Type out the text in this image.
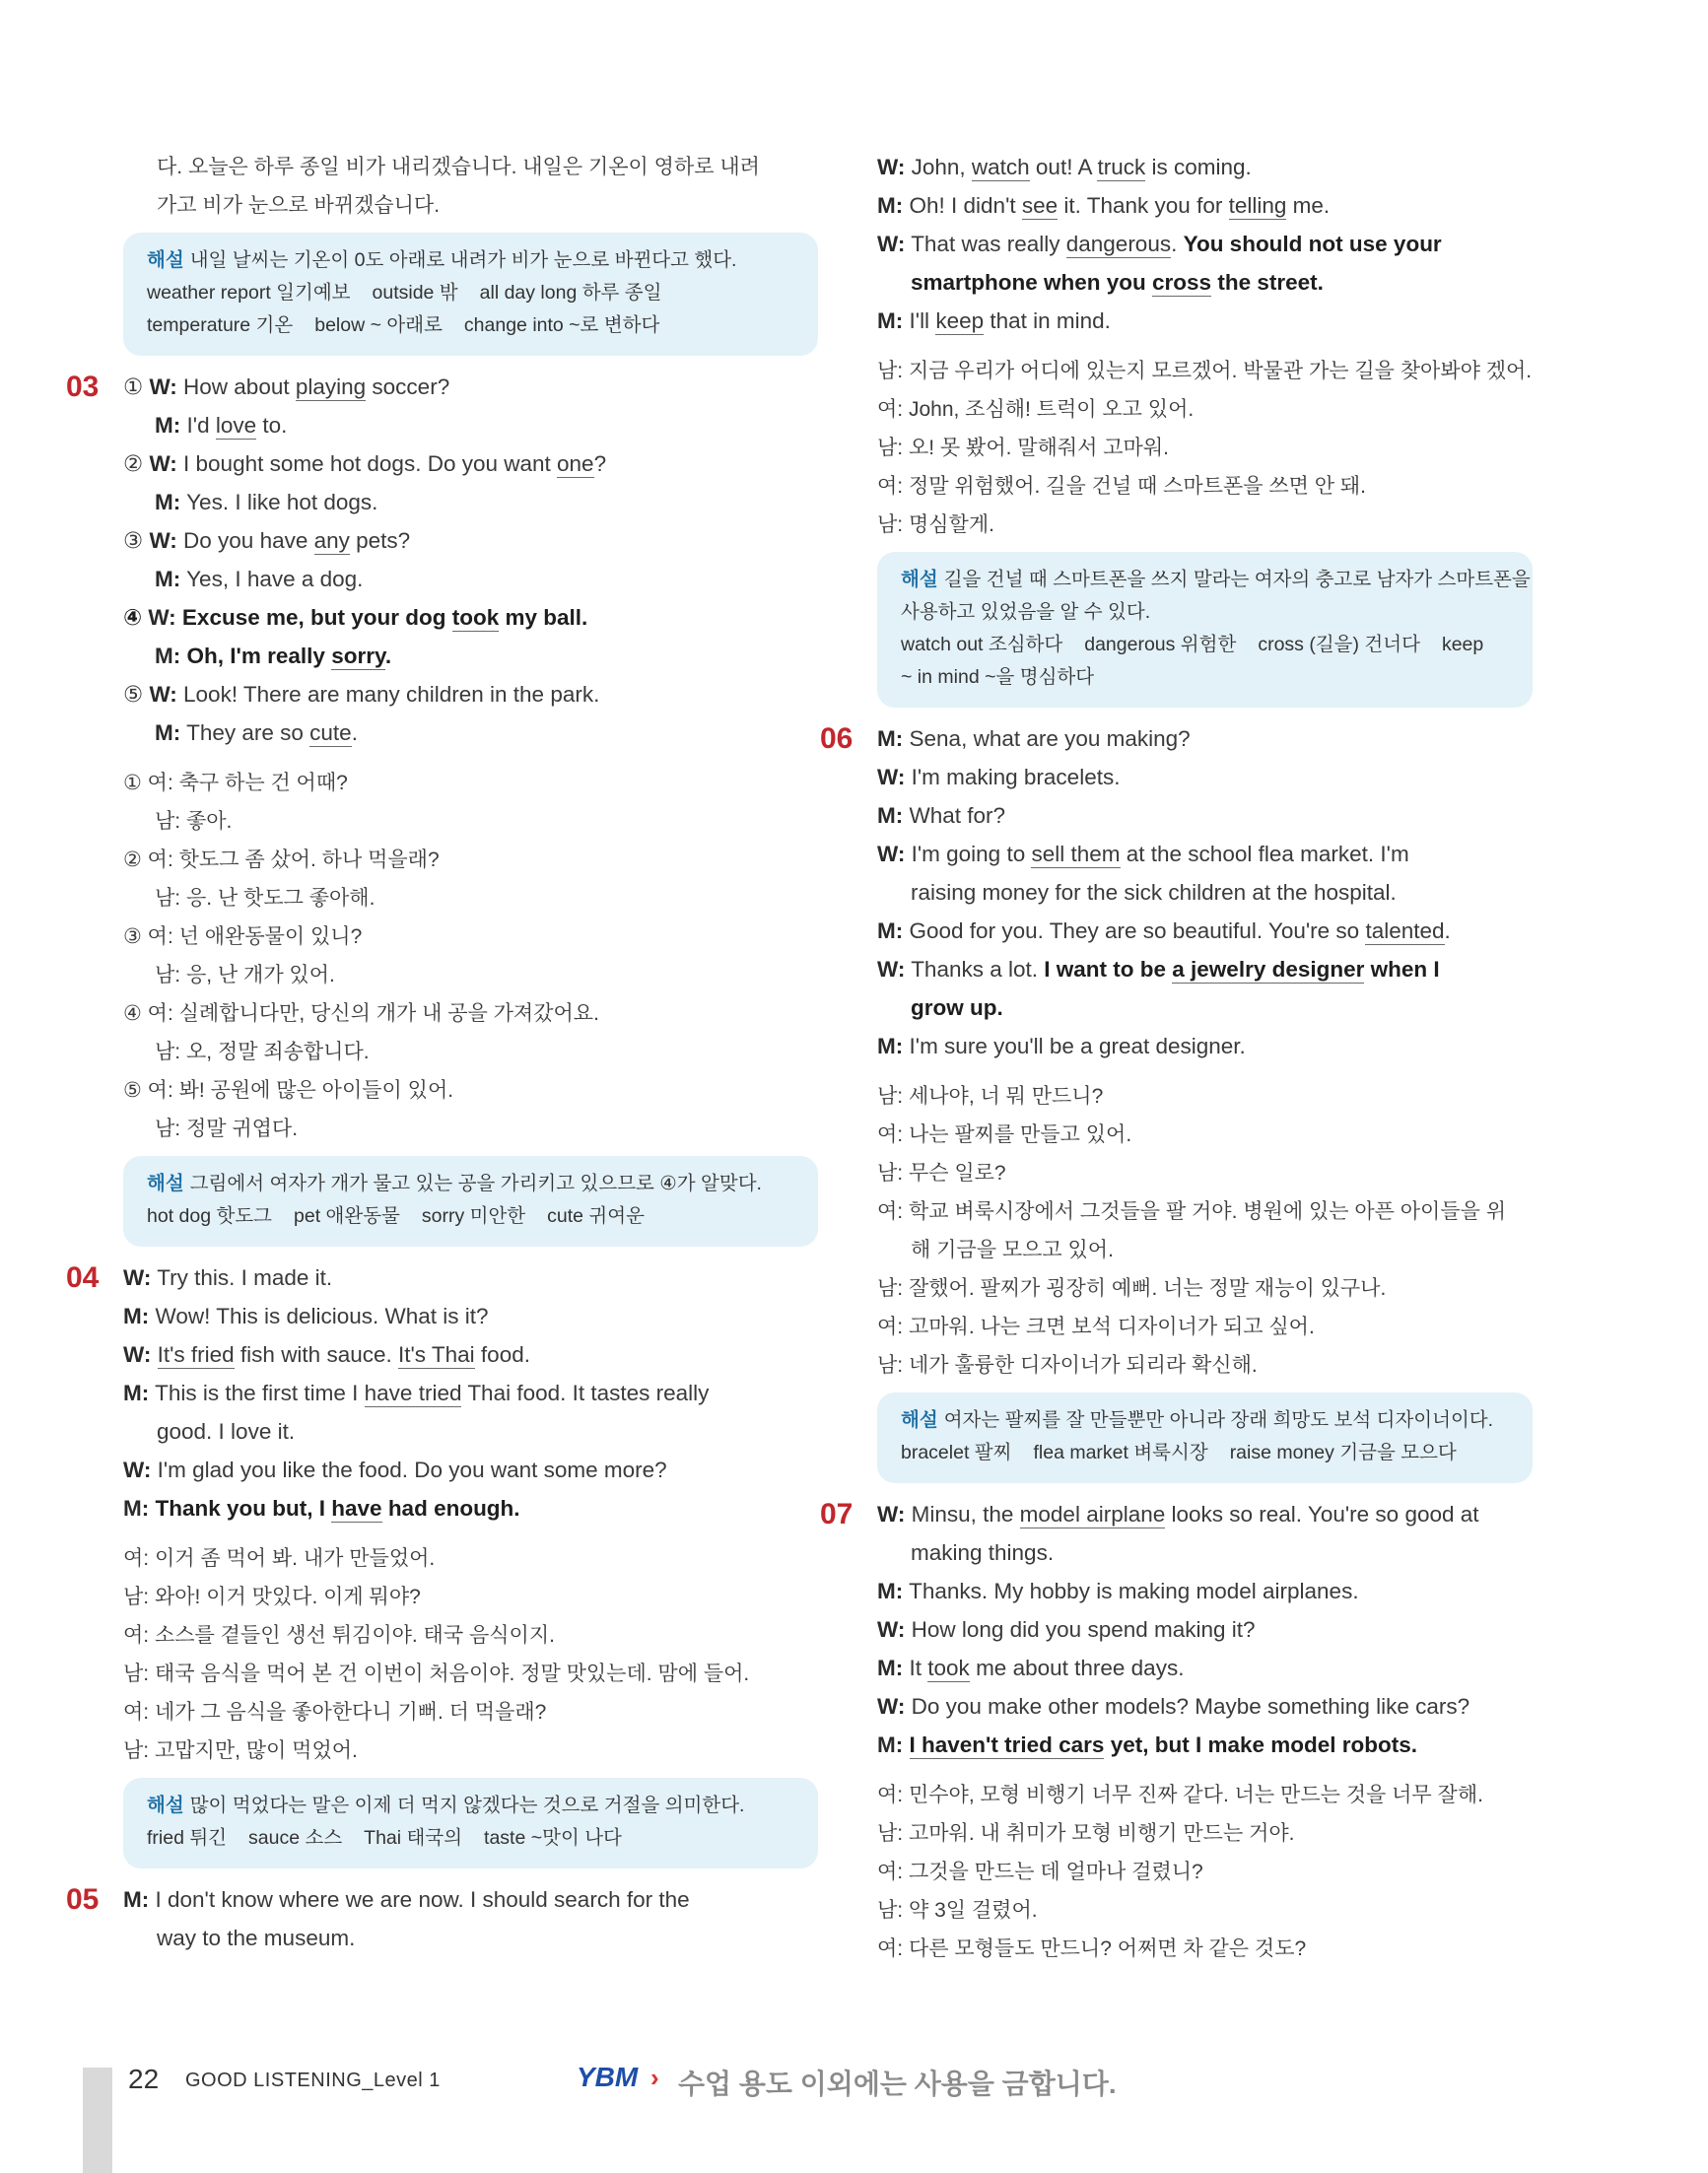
다. 오늘은 하루 종일 비가 내리겠습니다. 내일은 기온이 영하로 내려
가고 비가 눈으로 바뀌겠습니다.
해설 내일 날씨는 기온이 0도 아래로 내려가 비가 눈으로 바뀐다고 했다.
weather report 일기예보 outside 밖 all day long 하루 종일
temperature 기온 below ~ 아래로 change into ~로 변하다
03 ① W: How about playing soccer?
M: I'd love to.
② W: I bought some hot dogs. Do you want one?
M: Yes. I like hot dogs.
③ W: Do you have any pets?
M: Yes, I have a dog.
④ W: Excuse me, but your dog took my ball.
M: Oh, I'm really sorry.
⑤ W: Look! There are many children in the park.
M: They are so cute.
① 여: 축구 하는 건 어때?
남: 좋아.
② 여: 핫도그 좀 샀어. 하나 먹을래?
남: 응. 난 핫도그 좋아해.
③ 여: 넌 애완동물이 있니?
남: 응, 난 개가 있어.
④ 여: 실례합니다만, 당신의 개가 내 공을 가져갔어요.
남: 오, 정말 죄송합니다.
⑤ 여: 봐! 공원에 많은 아이들이 있어.
남: 정말 귀엽다.
해설 그림에서 여자가 개가 물고 있는 공을 가리키고 있으므로 ④가 알맞다.
hot dog 핫도그 pet 애완동물 sorry 미안한 cute 귀여운
04 W: Try this. I made it.
M: Wow! This is delicious. What is it?
W: It's fried fish with sauce. It's Thai food.
M: This is the first time I have tried Thai food. It tastes really
good. I love it.
W: I'm glad you like the food. Do you want some more?
M: Thank you but, I have had enough.
여: 이거 좀 먹어 봐. 내가 만들었어.
남: 와아! 이거 맛있다. 이게 뭐야?
여: 소스를 곁들인 생선 튀김이야. 태국 음식이지.
남: 태국 음식을 먹어 본 건 이번이 처음이야. 정말 맛있는데. 맘에 들어.
여: 네가 그 음식을 좋아한다니 기뻐. 더 먹을래?
남: 고맙지만, 많이 먹었어.
해설 많이 먹었다는 말은 이제 더 먹지 않겠다는 것으로 거절을 의미한다.
fried 튀긴 sauce 소스 Thai 태국의 taste ~맛이 나다
05 M: I don't know where we are now. I should search for the
way to the museum.
W: John, watch out! A truck is coming.
M: Oh! I didn't see it. Thank you for telling me.
W: That was really dangerous. You should not use your
smartphone when you cross the street.
M: I'll keep that in mind.
남: 지금 우리가 어디에 있는지 모르겠어. 박물관 가는 길을 찾아봐야 겠어.
여: John, 조심해! 트럭이 오고 있어.
남: 오! 못 봤어. 말해줘서 고마워.
여: 정말 위험했어. 길을 건널 때 스마트폰을 쓰면 안 돼.
남: 명심할게.
해설 길을 건널 때 스마트폰을 쓰지 말라는 여자의 충고로 남자가 스마트폰을
사용하고 있었음을 알 수 있다.
watch out 조심하다 dangerous 위험한 cross (길을) 건너다 keep
~ in mind ~을 명심하다
06 M: Sena, what are you making?
W: I'm making bracelets.
M: What for?
W: I'm going to sell them at the school flea market. I'm
raising money for the sick children at the hospital.
M: Good for you. They are so beautiful. You're so talented.
W: Thanks a lot. I want to be a jewelry designer when I
grow up.
M: I'm sure you'll be a great designer.
남: 세나야, 너 뭐 만드니?
여: 나는 팔찌를 만들고 있어.
남: 무슨 일로?
여: 학교 벼룩시장에서 그것들을 팔 거야. 병원에 있는 아픈 아이들을 위
해 기금을 모으고 있어.
남: 잘했어. 팔찌가 굉장히 예뻐. 너는 정말 재능이 있구나.
여: 고마워. 나는 크면 보석 디자이너가 되고 싶어.
남: 네가 훌륭한 디자이너가 되리라 확신해.
해설 여자는 팔찌를 잘 만들뿐만 아니라 장래 희망도 보석 디자이너이다.
bracelet 팔찌 flea market 벼룩시장 raise money 기금을 모으다
07 W: Minsu, the model airplane looks so real. You're so good at
making things.
M: Thanks. My hobby is making model airplanes.
W: How long did you spend making it?
M: It took me about three days.
W: Do you make other models? Maybe something like cars?
M: I haven't tried cars yet, but I make model robots.
여: 민수야, 모형 비행기 너무 진짜 같다. 너는 만드는 것을 너무 잘해.
남: 고마워. 내 취미가 모형 비행기 만드는 거야.
여: 그것을 만드는 데 얼마나 걸렸니?
남: 약 3일 걸렸어.
여: 다른 모형들도 만드니? 어쩌면 차 같은 것도?
22 GOOD LISTENING_Level 1	YBM › 수업 용도 이외에는 사용을 금합니다.
